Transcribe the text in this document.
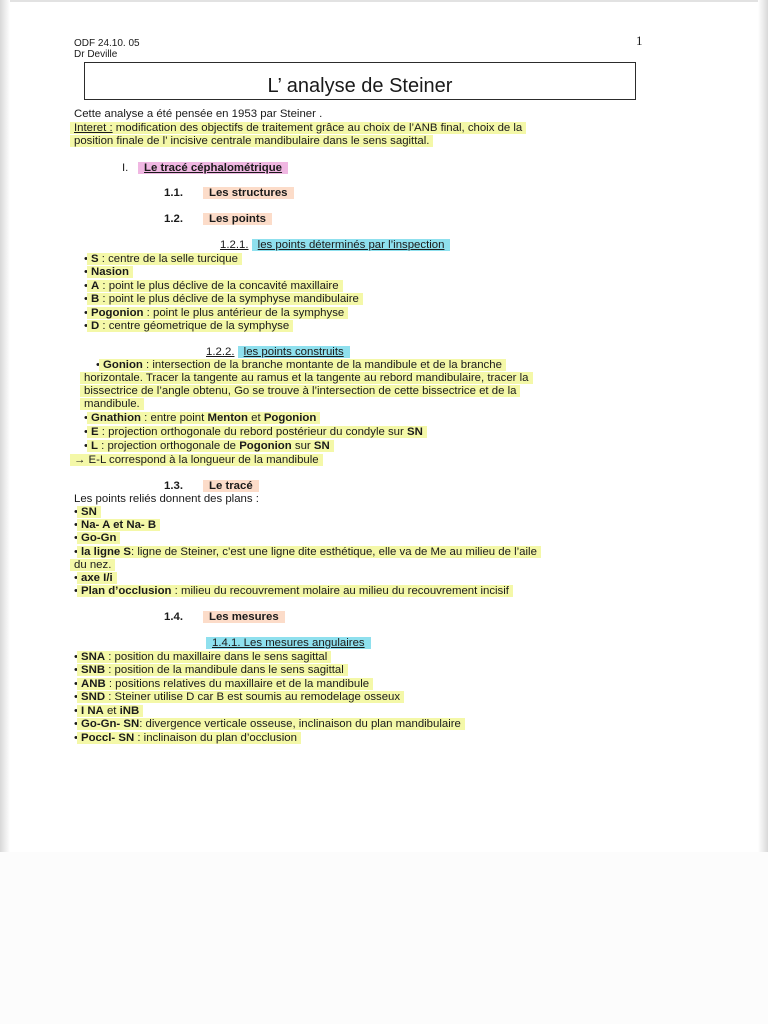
ODF 24.10. 05
Dr Deville
1
L’ analyse de Steiner
Cette analyse a été pensée en 1953 par Steiner .
Interet : modification des objectifs de traitement grâce au choix de l’ANB final, choix de la
position finale de l’ incisive centrale mandibulaire dans le sens sagittal.
I.	Le tracé céphalométrique
1.1.	Les structures
1.2.	Les points
1.2.1. les points déterminés par l’inspection
• S : centre de la selle turcique
• Nasion
• A : point le plus déclive de la concavité maxillaire
• B : point le plus déclive de la symphyse mandibulaire
• Pogonion : point le plus antérieur de la symphyse
• D : centre géometrique de la symphyse
1.2.2. les points construits
• Gonion : intersection de la branche montante de la mandibule et de la branche
horizontale. Tracer la tangente au ramus et la tangente au rebord mandibulaire, tracer la
bissectrice de l’angle obtenu, Go se trouve à l’intersection de cette bissectrice et de la
mandibule.
• Gnathion : entre point Menton et Pogonion
• E : projection orthogonale du rebord postérieur du condyle sur SN
• L : projection orthogonale de Pogonion sur SN
→ E-L correspond à la longueur de la mandibule
1.3.	Le tracé
Les points reliés donnent des plans :
• SN
• Na- A et Na- B
• Go-Gn
• la ligne S: ligne de Steiner, c’est une ligne dite esthétique, elle va de Me au milieu de l’aile
du nez.
• axe I/i
• Plan d’occlusion : milieu du recouvrement molaire au milieu du recouvrement incisif
1.4.	Les mesures
1.4.1. Les mesures angulaires
• SNA : position du maxillaire dans le sens sagittal
• SNB : position de la mandibule dans le sens sagittal
• ANB : positions relatives du maxillaire et de la mandibule
• SND : Steiner utilise D car B est soumis au remodelage osseux
• I NA et iNB
• Go-Gn- SN: divergence verticale osseuse, inclinaison du plan mandibulaire
• Poccl- SN : inclinaison du plan d’occlusion
